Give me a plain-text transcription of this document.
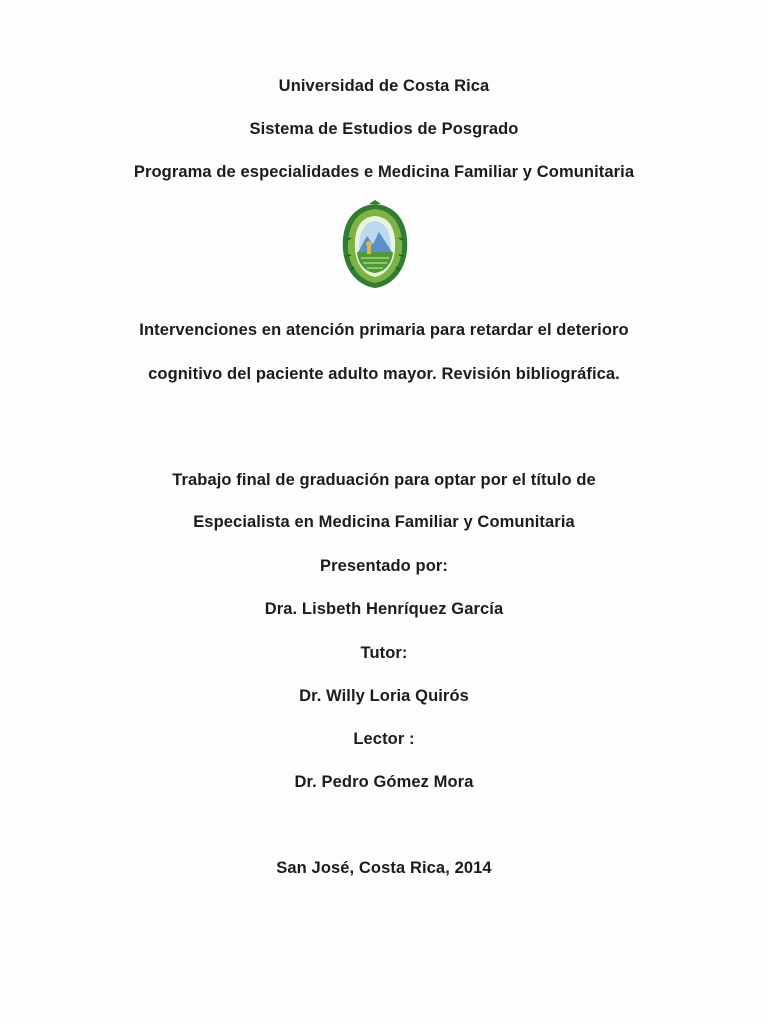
Universidad de Costa Rica
Sistema de Estudios de Posgrado
Programa de especialidades e Medicina Familiar y Comunitaria
Intervenciones en atención primaria para retardar el deterioro
cognitivo del paciente adulto mayor. Revisión bibliográfica.
Trabajo final de graduación para optar por el título de
Especialista en Medicina Familiar y Comunitaria
Presentado por:
Dra. Lisbeth Henríquez García
Tutor:
Dr. Willy Loria Quirós
Lector :
Dr. Pedro Gómez Mora
San José, Costa Rica, 2014
